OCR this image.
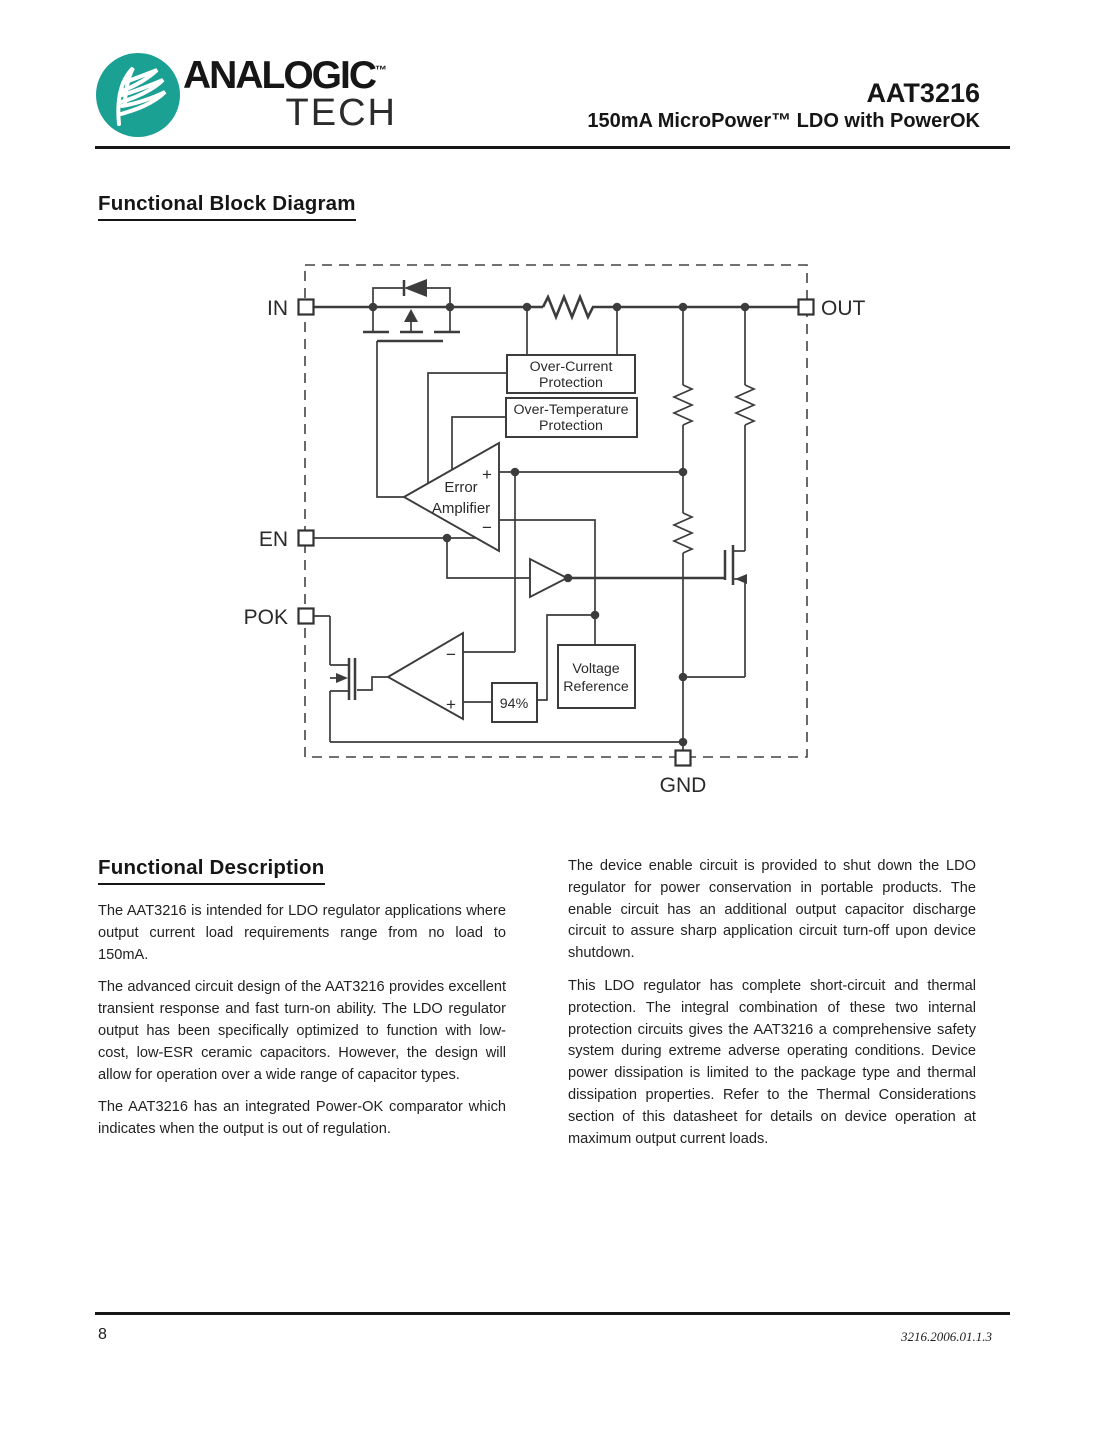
ANALOGIC™
TECH	AAT3216
150mA MicroPower™ LDO with PowerOK
Functional Block Diagram
Over-Current
Protection
Over-Temperature
Protection
Error
Amplifier
+
−
Voltage
Reference
94%
−
+
IN	OUT
EN
POK
GND
Functional Description

The AAT3216 is intended for LDO regulator applications where output current load requirements range from no load to 150mA.

The advanced circuit design of the AAT3216 provides excellent transient response and fast turn-on ability. The LDO regulator output has been specifically optimized to function with low-cost, low-ESR ceramic capacitors. However, the design will allow for operation over a wide range of capacitor types.

The AAT3216 has an integrated Power-OK comparator which indicates when the output is out of regulation.

The device enable circuit is provided to shut down the LDO regulator for power conservation in portable products. The enable circuit has an additional output capacitor discharge circuit to assure sharp application circuit turn-off upon device shutdown.

This LDO regulator has complete short-circuit and thermal protection. The integral combination of these two internal protection circuits gives the AAT3216 a comprehensive safety system during extreme adverse operating conditions. Device power dissipation is limited to the package type and thermal dissipation properties. Refer to the Thermal Considerations section of this datasheet for details on device operation at maximum output current loads.

8	3216.2006.01.1.3
